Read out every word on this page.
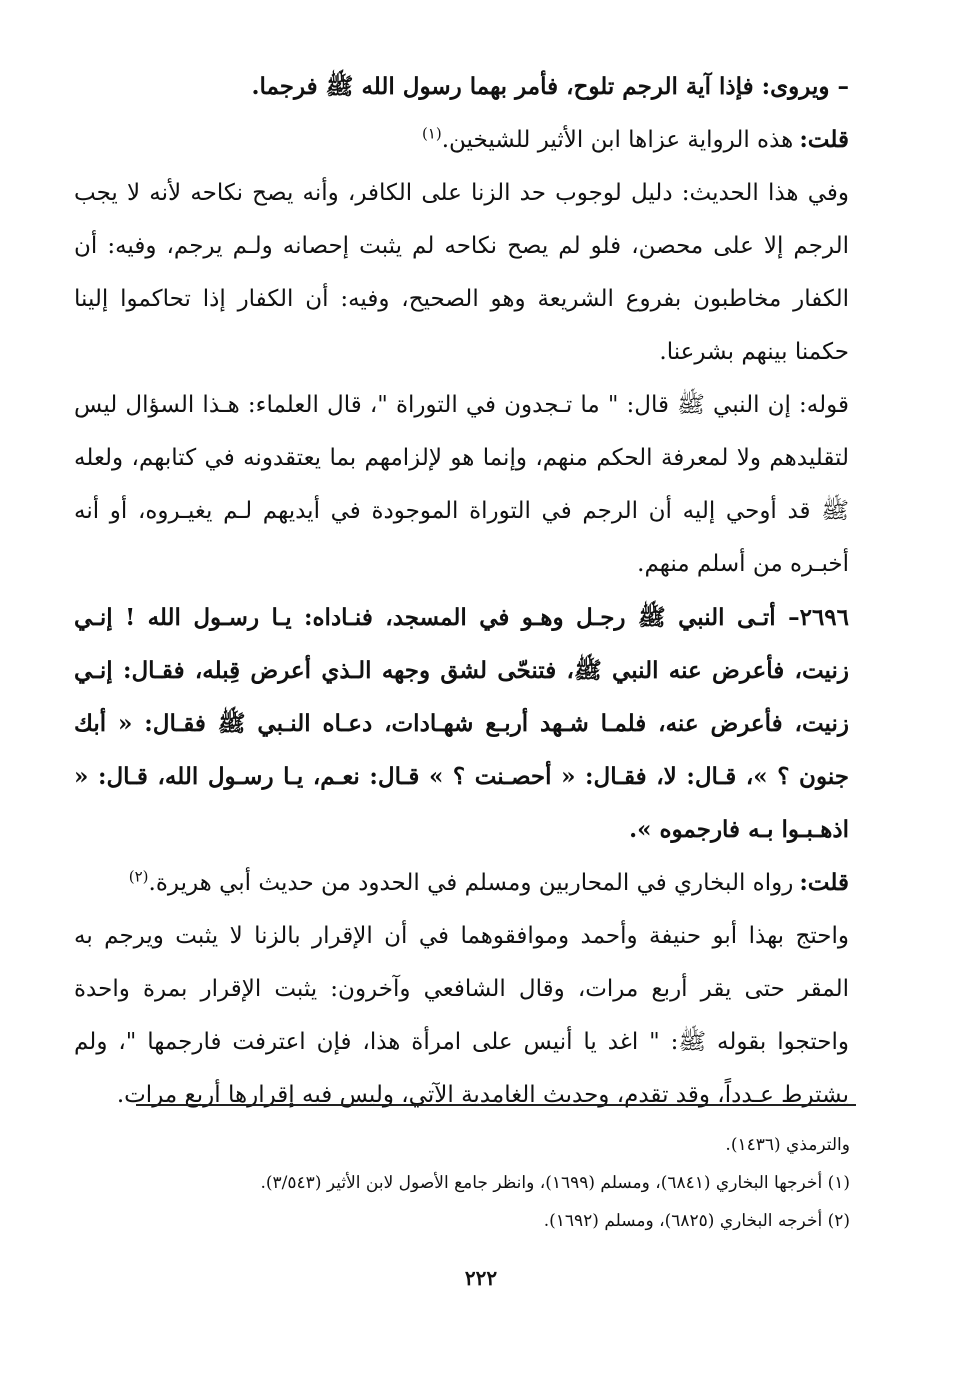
– ويروى: فإذا آية الرجم تلوح، فأمر بهما رسول الله ﷺ فرجما.

قلت:هذه الرواية عزاها ابن الأثير للشيخين.$^{(١)}$

وفي هذا الحديث: دليل لوجوب حد الزنا على الكافر، وأنه يصح نكاحه لأنه لا يجب الرجم إلا على محصن، فلو لم يصح نكاحه لم يثبت إحصانه ولـم يرجم، وفيه: أن الكفار مخاطبون بفروع الشريعة وهو الصحيح، وفيه: أن الكفار إذا تحاكموا إلينا حكمنا بينهم بشرعنا.

قوله: إن النبي ﷺ قال: " ما تـجدون في التوراة "، قال العلماء: هـذا السؤال ليس لتقليدهم ولا لمعرفة الحكم منهم، وإنما هو لإلزامهم بما يعتقدونه في كتابهم، ولعله ﷺ قد أوحي إليه أن الرجم في التوراة الموجودة في أيديهم لـم يغيـروه، أو أنه أخبـره من أسلم منهم.

٢٦٩٦– أتـى النبي ﷺ رجـل وهـو في المسجد، فنـاداه: يـا رسـول الله ! إنـي زنيت، فأعرض عنه النبي ﷺ، فتنحّى لشق وجهه الـذي أعرض قِبله، فقـال: إنـي زنيت، فأعرض عنه، فلمـا شـهد أربـع شهـادات، دعـاه النـبي ﷺ فقـال: « أبك جنون ؟ »، قـال: لا، فقـال: « أحصـنت ؟ » قـال: نعـم، يـا رسـول الله، قـال: « اذهـبـوا بـه فارجموه ».

قلت:رواه البخاري في المحاربين ومسلم في الحدود من حديث أبي هريرة.$^{(٢)}$

واحتج بهذا أبو حنيفة وأحمد وموافقوهما في أن الإقرار بالزنا لا يثبت ويرجم به المقر حتى يقر أربع مرات، وقال الشافعي وآخرون: يثبت الإقرار بمرة واحدة واحتجوا بقوله ﷺ: " اغد يا أنيس على امرأة هذا، فإن اعترفت فارجمها "، ولم يشترط عـدداً، وقد تقدم، وحديث الغامدية الآتي، وليس فيه إقرارها أربع مرات.

والترمذي (١٤٣٦).

(١) أخرجها البخاري (٦٨٤١)، ومسلم (١٦٩٩)، وانظر جامع الأصول لابن الأثير (٣/٥٤٣).

(٢) أخرجه البخاري (٦٨٢٥)، ومسلم (١٦٩٢).

٢٢٢
